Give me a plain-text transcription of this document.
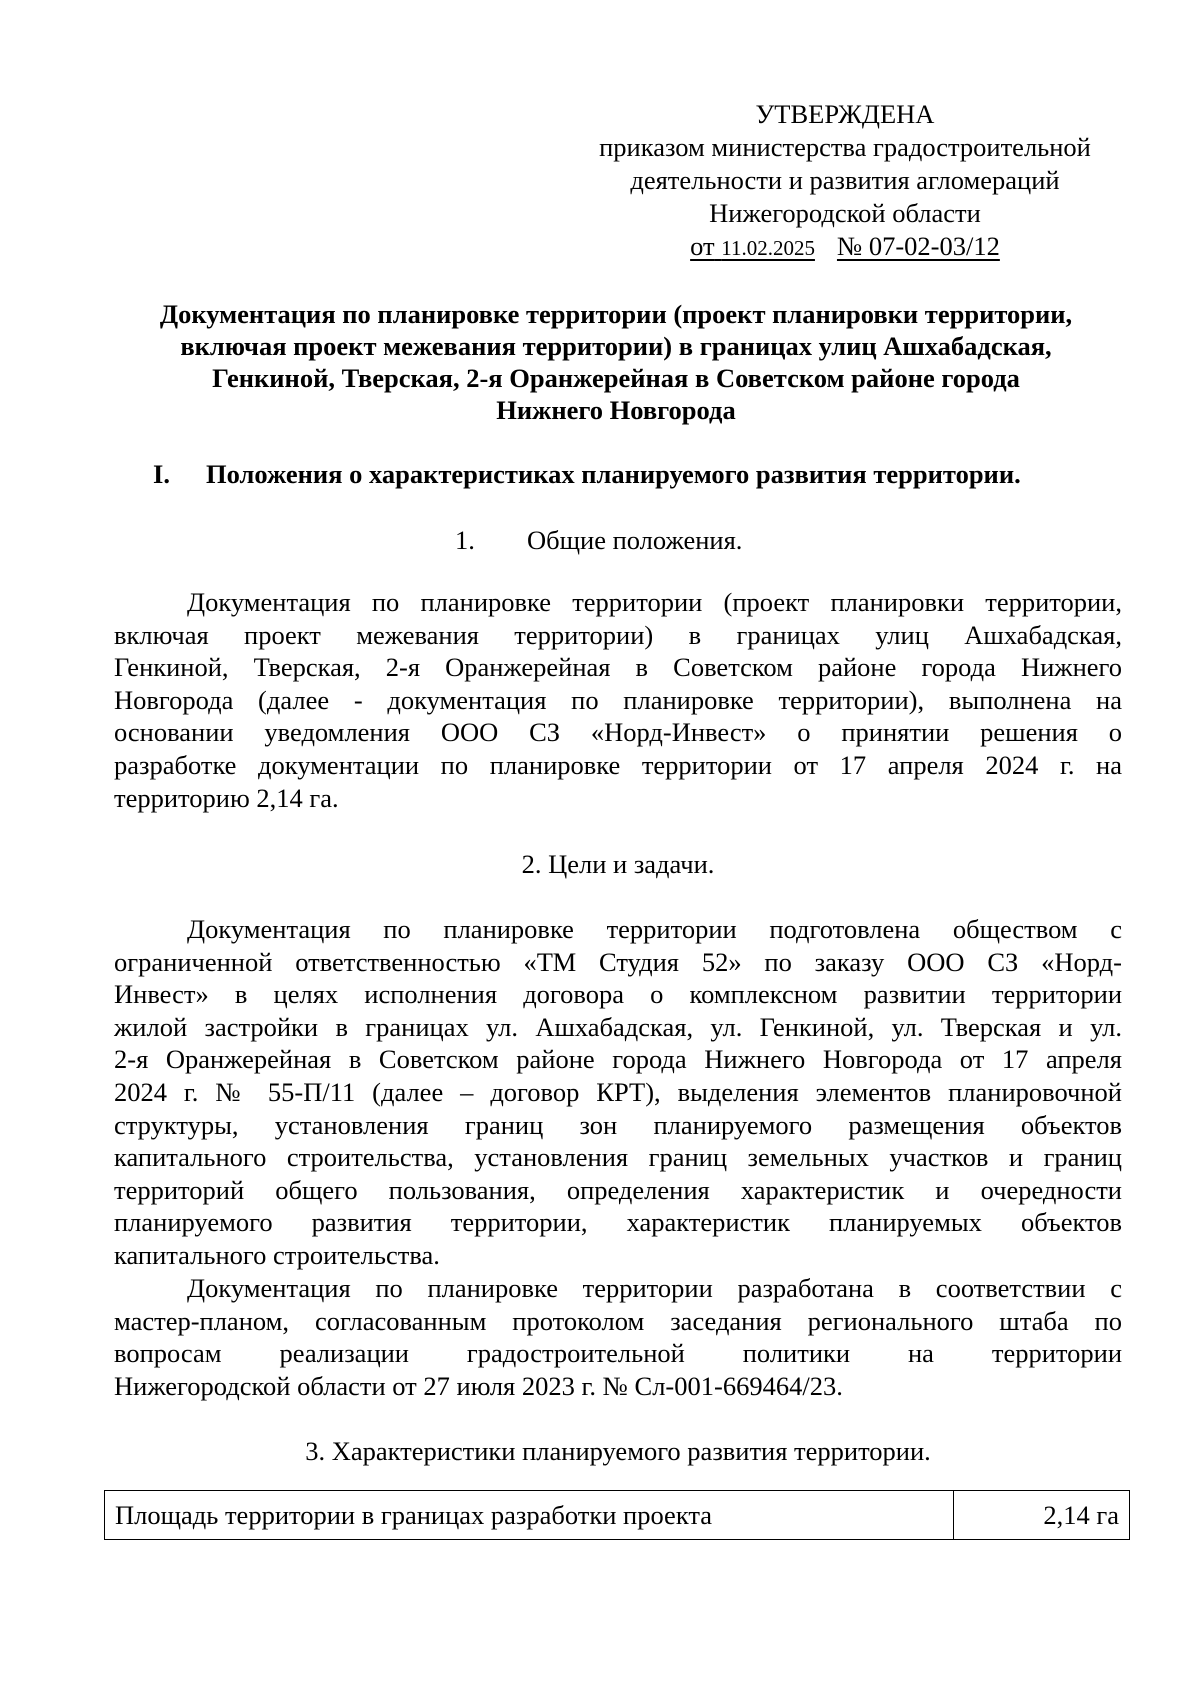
УТВЕРЖДЕНА
приказом министерства градостроительной
деятельности и развития агломераций
Нижегородской области
от 11.02.2025 № 07-02-03/12
Документация по планировке территории (проект планировки территории,
включая проект межевания территории) в границах улиц Ашхабадская,
Генкиной, Тверская, 2-я Оранжерейная в Советском районе города
Нижнего Новгорода
I. Положения о характеристиках планируемого развития территории.
1. Общие положения.
Документация по планировке территории (проект планировки территории,
включая проект межевания территории) в границах улиц Ашхабадская,
Генкиной, Тверская, 2-я Оранжерейная в Советском районе города Нижнего
Новгорода (далее - документация по планировке территории), выполнена на
основании уведомления ООО СЗ «Норд-Инвест» о принятии решения о
разработке документации по планировке территории от 17 апреля 2024 г. на
территорию 2,14 га.
2. Цели и задачи.
Документация по планировке территории подготовлена обществом с
ограниченной ответственностью «ТМ Студия 52» по заказу ООО СЗ «Норд-
Инвест» в целях исполнения договора о комплексном развитии территории
жилой застройки в границах ул. Ашхабадская, ул. Генкиной, ул. Тверская и ул.
2-я Оранжерейная в Советском районе города Нижнего Новгорода от 17 апреля
2024 г. № 55-П/11 (далее – договор КРТ), выделения элементов планировочной
структуры, установления границ зон планируемого размещения объектов
капитального строительства, установления границ земельных участков и границ
территорий общего пользования, определения характеристик и очередности
планируемого развития территории, характеристик планируемых объектов
капитального строительства.
Документация по планировке территории разработана в соответствии с
мастер-планом, согласованным протоколом заседания регионального штаба по
вопросам реализации градостроительной политики на территории
Нижегородской области от 27 июля 2023 г. № Сл-001-669464/23.
3. Характеристики планируемого развития территории.
Площадь территории в границах разработки проекта	2,14 га
